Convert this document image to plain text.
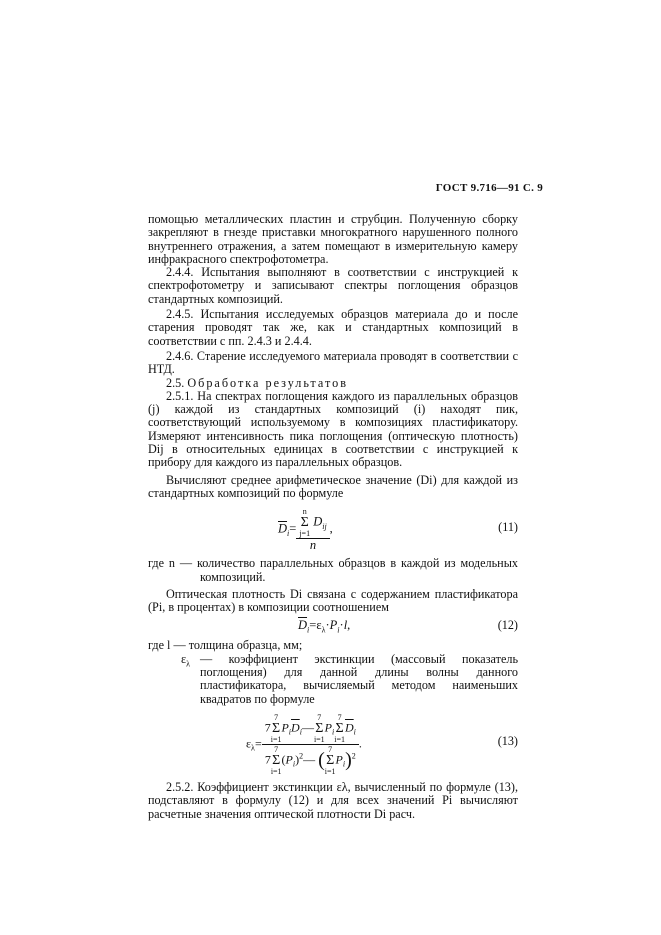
ГОСТ 9.716—91 С. 9

помощью металлических пластин и струбцин. Полученную сборку закрепляют в гнезде приставки многократного нарушенного полного внутреннего отражения, а затем помещают в измерительную камеру инфракрасного спектрофотометра.

2.4.4. Испытания выполняют в соответствии с инструкцией к спектрофотометру и записывают спектры поглощения образцов стандартных композиций.

2.4.5. Испытания исследуемых образцов материала до и после старения проводят так же, как и стандартных композиций в соответствии с пп. 2.4.3 и 2.4.4.

2.4.6. Старение исследуемого материала проводят в соответствии с НТД.

2.5. Обработка результатов

2.5.1. На спектрах поглощения каждого из параллельных образцов (j) каждой из стандартных композиций (i) находят пик, соответствующий используемому в композициях пластификатору. Измеряют интенсивность пика поглощения (оптическую плотность) Dij в относительных единицах в соответствии с инструкцией к прибору для каждого из параллельных образцов.

Вычисляют среднее арифметическое значение (Di) для каждой из стандартных композиций по формуле

$\overline{D}_i= n$
Σ
j=1 $D_{ij}$
n ,	(11)

где n — количество параллельных образцов в каждой из модельных композиций.

Оптическая плотность Di связана с содержанием пластификатора (Pi, в процентах) в композиции соотношением

$\overline{D}_i=\varepsilon_\lambda\cdot P_i\cdot l$,	(12)

где l — толщина образца, мм;

$\varepsilon_\lambda$ — коэффициент экстинкции (массовый показатель поглощения) для данной длины волны данного пластификатора, вычисляемый методом наименьших квадратов по формуле
$\varepsilon_\lambda= 77$
Σ
$i=1P_i\overline{D}_i—7$
Σ
$i=1P_i7$
Σ
$i=1\overline{D}_i$
77
Σ
$i=1(P_i)^2—$ ( 7
Σ
$i=1P_i)^2$ .	(13)

2.5.2. Коэффициент экстинкции ελ, вычисленный по формуле (13), подставляют в формулу (12) и для всех значений Pi вычисляют расчетные значения оптической плотности Di расч.
